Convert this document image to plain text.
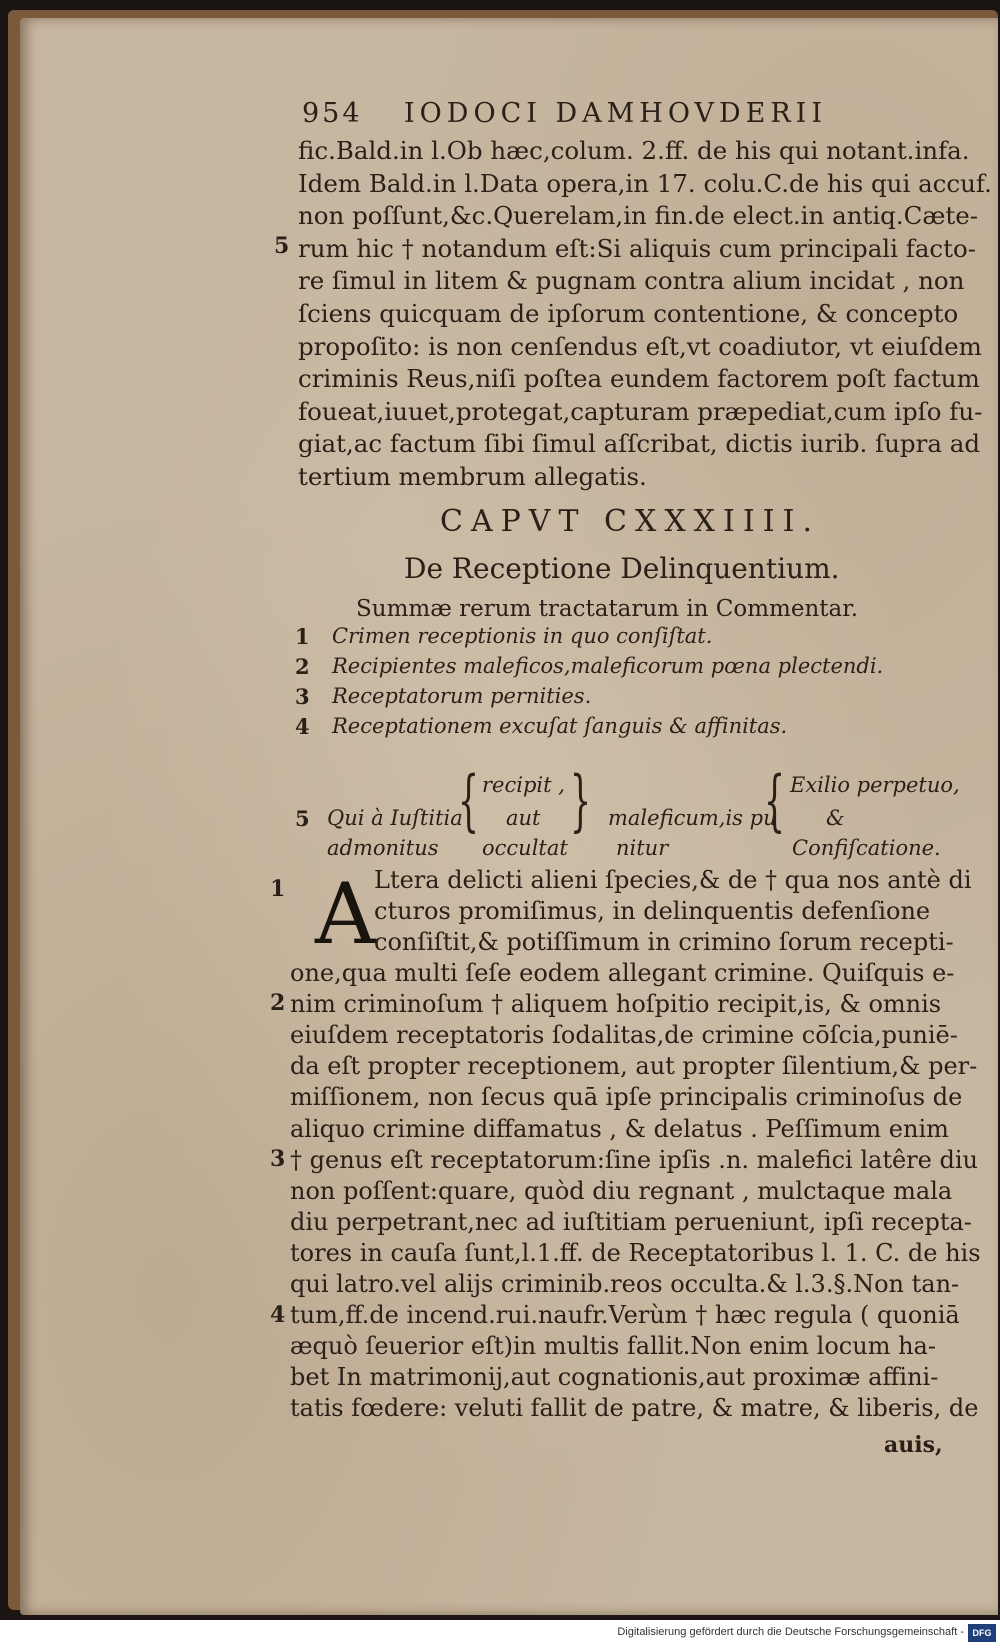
954 IODOCI DAMHOVDERII
fic.Bald.in l.Ob hæc,colum. 2.ff. de his qui notant.infa.
Idem Bald.in l.Data opera,in 17. colu.C.de his qui accuf.
non poſſunt,&c.Querelam,in fin.de elect.in antiq.Cæte-
rum hic † notandum eſt:Si aliquis cum principali facto-
re ſimul in litem & pugnam contra alium incidat , non
ſciens quicquam de ipſorum contentione, & concepto
propoſito: is non cenſendus eſt,vt coadiutor, vt eiuſdem
criminis Reus,niſi poſtea eundem factorem poſt factum
foueat,iuuet,protegat,capturam præpediat,cum ipſo fu-
giat,ac factum ſibi ſimul aſſcribat, dictis iurib. ſupra ad
tertium membrum allegatis.
5
CAPVT CXXXIIII.
De Receptione Delinquentium.
Summæ rerum tractatarum in Commentar.
1 Crimen receptionis in quo conſiſtat.
2 Recipientes maleficos,maleficorum pœna plectendi.
3 Receptatorum pernities.
4 Receptationem excuſat ſanguis & affinitas.
5 Qui à Iuſtitia
admonitus
{ recipit ,
aut
occultat
} maleficum,is pu
nitur
{ Exilio perpetuo,
&
Confiſcatione.
A
Ltera delicti alieni ſpecies,& de † qua nos antè di
cturos promiſimus, in delinquentis defenſione
conſiſtit,& potiſſimum in crimino ſorum recepti-
one,qua multi ſeſe eodem allegant crimine. Quiſquis e-
nim criminoſum † aliquem hoſpitio recipit,is, & omnis
eiuſdem receptatoris ſodalitas,de crimine cōſcia,puniē-
da eſt propter receptionem, aut propter ſilentium,& per-
miſſionem, non ſecus quā ipſe principalis criminoſus de
aliquo crimine diffamatus , & delatus . Peſſimum enim
† genus eſt receptatorum:ſine ipſis .n. malefici latêre diu
non poſſent:quare, quòd diu regnant , mulctaque mala
diu perpetrant,nec ad iuſtitiam perueniunt, ipſi recepta-
tores in cauſa ſunt,l.1.ff. de Receptatoribus l. 1. C. de his
qui latro.vel alijs criminib.reos occulta.& l.3.§.Non tan-
tum,ff.de incend.rui.naufr.Verùm † hæc regula ( quoniā
æquò ſeuerior eſt)in multis fallit.Non enim locum ha-
bet In matrimonij,aut cognationis,aut proximæ affini-
tatis fœdere: veluti fallit de patre, & matre, & liberis, de
1
2
3
4
auis,
Digitalisierung gefördert durch die Deutsche Forschungsgemeinschaft - DFG
